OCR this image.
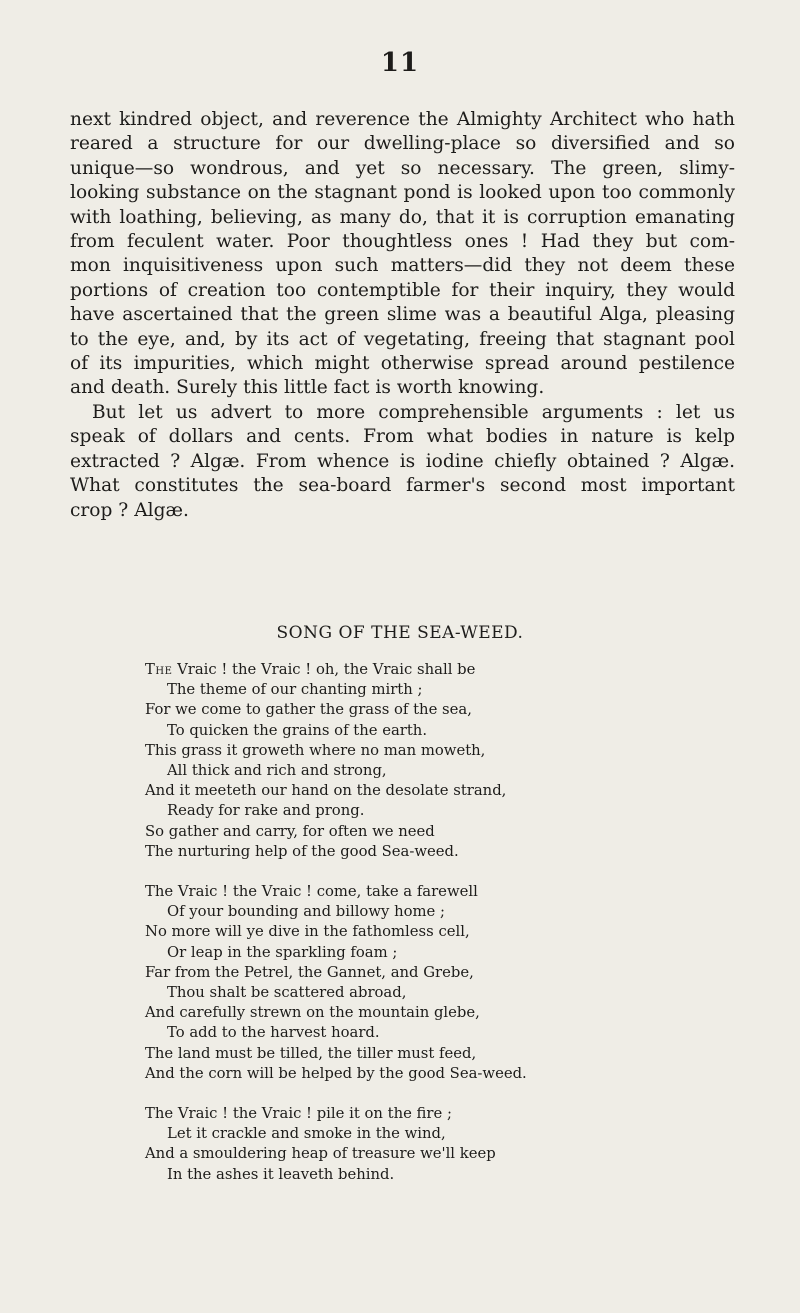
11
next kindred object, and reverence the Almighty Architect who hath
reared a structure for our dwelling-place so diversified and so
unique—so wondrous, and yet so necessary. The green, slimy-
looking substance on the stagnant pond is looked upon too commonly
with loathing, believing, as many do, that it is corruption emanating
from feculent water. Poor thoughtless ones ! Had they but com-
mon inquisitiveness upon such matters—did they not deem these
portions of creation too contemptible for their inquiry, they would
have ascertained that the green slime was a beautiful Alga, pleasing
to the eye, and, by its act of vegetating, freeing that stagnant pool
of its impurities, which might otherwise spread around pestilence
and death. Surely this little fact is worth knowing.
But let us advert to more comprehensible arguments : let us
speak of dollars and cents. From what bodies in nature is kelp
extracted ? Algæ. From whence is iodine chiefly obtained ? Algæ.
What constitutes the sea-board farmer's second most important
crop ? Algæ.
SONG OF THE SEA-WEED.
The Vraic ! the Vraic ! oh, the Vraic shall be
The theme of our chanting mirth ;
For we come to gather the grass of the sea,
To quicken the grains of the earth.
This grass it groweth where no man moweth,
All thick and rich and strong,
And it meeteth our hand on the desolate strand,
Ready for rake and prong.
So gather and carry, for often we need
The nurturing help of the good Sea-weed.
The Vraic ! the Vraic ! come, take a farewell
Of your bounding and billowy home ;
No more will ye dive in the fathomless cell,
Or leap in the sparkling foam ;
Far from the Petrel, the Gannet, and Grebe,
Thou shalt be scattered abroad,
And carefully strewn on the mountain glebe,
To add to the harvest hoard.
The land must be tilled, the tiller must feed,
And the corn will be helped by the good Sea-weed.
The Vraic ! the Vraic ! pile it on the fire ;
Let it crackle and smoke in the wind,
And a smouldering heap of treasure we'll keep
In the ashes it leaveth behind.
